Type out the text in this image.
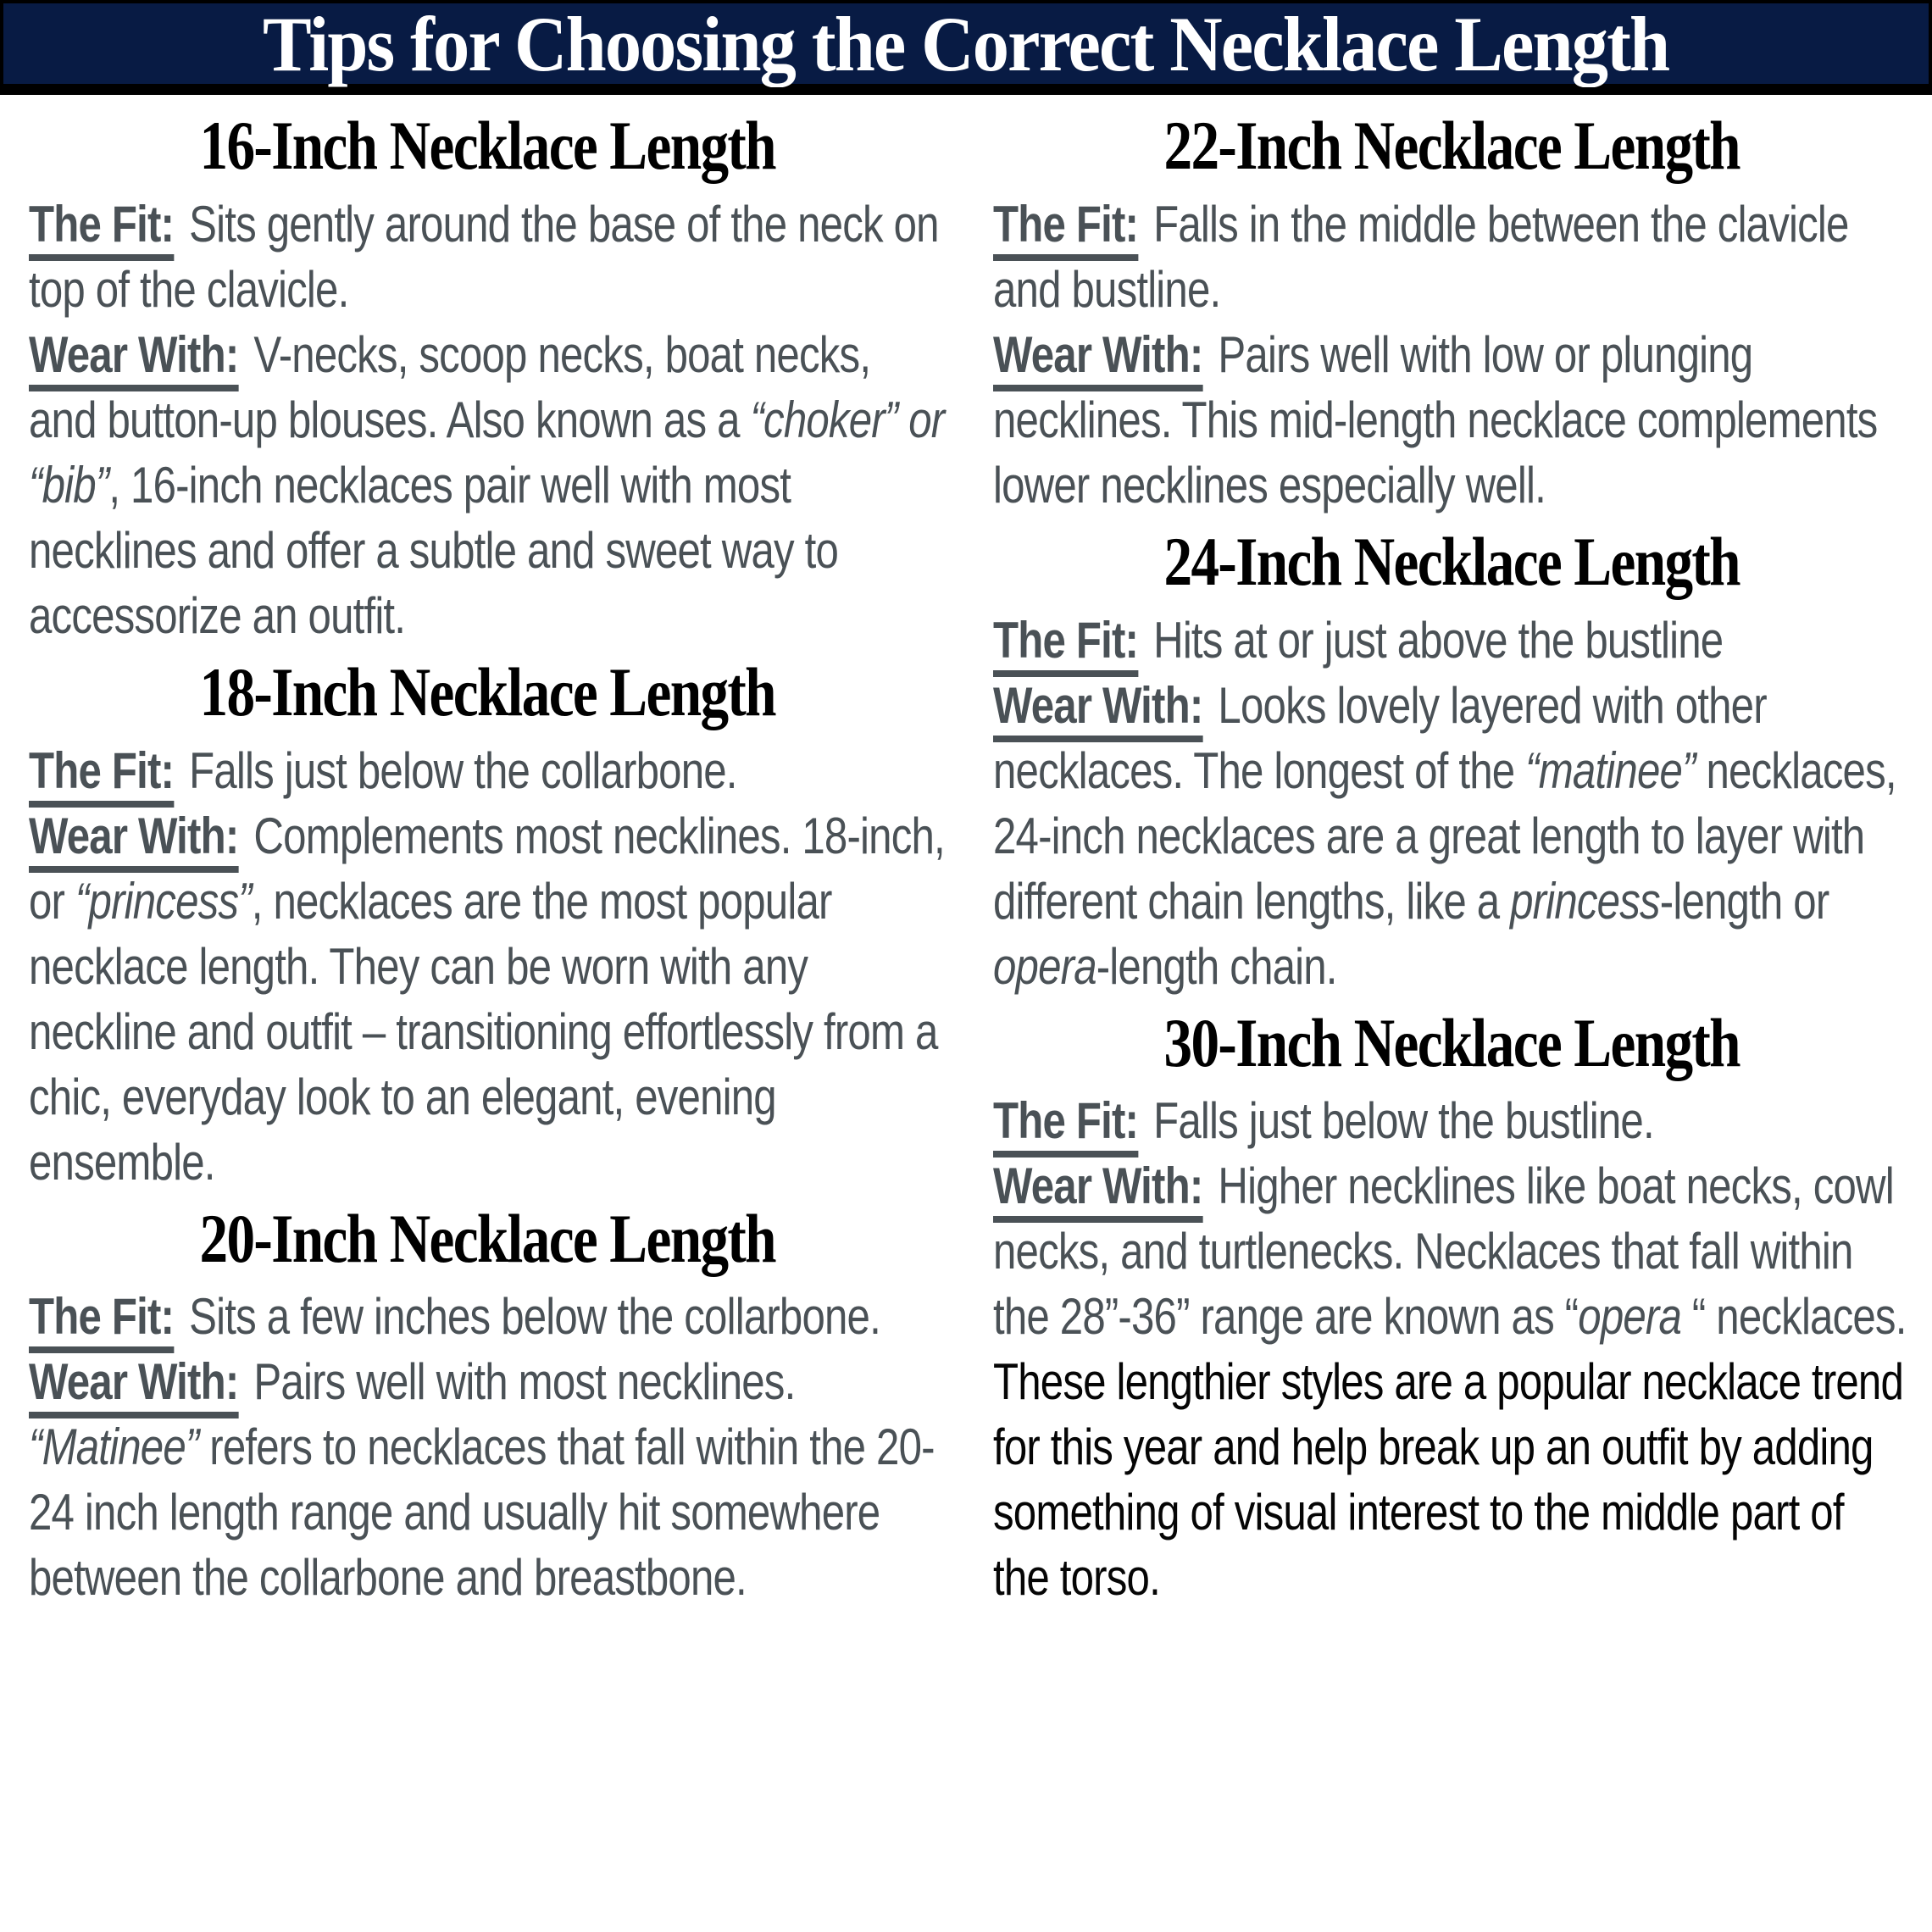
Tips for Choosing the Correct Necklace Length
16-Inch Necklace Length

The Fit: Sits gently around the base of the neck on top of the clavicle.

Wear With: V-necks, scoop necks, boat necks, and button-up blouses. Also known as a “choker” or “bib”, 16-inch necklaces pair well with most necklines and offer a subtle and sweet way to accessorize an outfit.

18-Inch Necklace Length

The Fit: Falls just below the collarbone.

Wear With: Complements most necklines. 18-inch, or “princess”, necklaces are the most popular necklace length. They can be worn with any neckline and outfit – transitioning effortlessly from a chic, everyday look to an elegant, evening ensemble.

20-Inch Necklace Length

The Fit: Sits a few inches below the collarbone.

Wear With: Pairs well with most necklines. “Matinee” refers to necklaces that fall within the 20-24 inch length range and usually hit somewhere between the collarbone and breastbone.

22-Inch Necklace Length

The Fit: Falls in the middle between the clavicle and bustline.

Wear With: Pairs well with low or plunging necklines. This mid-length necklace complements lower necklines especially well.

24-Inch Necklace Length

The Fit: Hits at or just above the bustline

Wear With: Looks lovely layered with other necklaces. The longest of the “matinee” necklaces, 24-inch necklaces are a great length to layer with different chain lengths, like a princess-length or opera-length chain.

30-Inch Necklace Length

The Fit: Falls just below the bustline.

Wear With: Higher necklines like boat necks, cowl necks, and turtlenecks. Necklaces that fall within the 28”-36” range are known as “opera “ necklaces.

These lengthier styles are a popular necklace trend for this year and help break up an outfit by adding something of visual interest to the middle part of the torso.
